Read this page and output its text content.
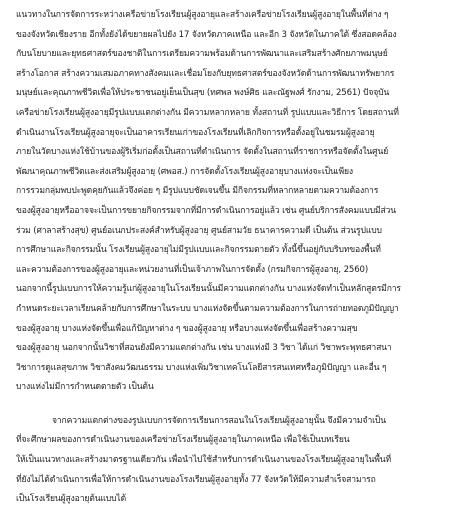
แนวทางในการจัดการระหว่างเครือข่ายโรงเรียนผู้สูงอายุและสร้างเครือข่ายโรงเรียนผู้สูงอายุในพื้นที่ต่าง ๆ
ของจังหวัดเชียงราย อีกทั้งยังได้ขยายผลไปยัง 17 จังหวัดภาคเหนือ และอีก 3 จังหวัดในภาคใต้ ซึ่งสอดคล้อง
กับนโยบายและยุทธศาสตร์ของชาติในการเตรียมความพร้อมด้านการพัฒนาและเสริมสร้างศักยภาพมนุษย์
สร้างโอกาส สร้างความเสมอภาคทางสังคมและเชื่อมโยงกับยุทธศาสตร์ของจังหวัดด้านการพัฒนาทรัพยากร
มนุษย์และคุณภาพชีวิตเพื่อให้ประชาชนอยู่เย็นเป็นสุข (ทศพล พงษ์ศิธ และณัฐพงศ์ รักงาม, 2561) ปัจจุบัน
เครือข่ายโรงเรียนผู้สูงอายุมีรูปแบบแตกต่างกัน มีความหลากหลาย ทั้งสถานที่ รูปแบบและวิธีการ โดยสถานที่
ดำเนินงานโรงเรียนผู้สูงอายุจะเป็นอาคารเรียนเก่าของโรงเรียนที่เลิกกิจการหรือตั้งอยู่ในชมรมผู้สูงอายุ
ภายในวัดบางแห่งใช้บ้านของผู้ริเริ่มก่อตั้งเป็นสถานที่ดำเนินการ จัดตั้งในสถานที่ราชการหรือจัดตั้งในศูนย์
พัฒนาคุณภาพชีวิตและส่งเสริมผู้สูงอายุ (ศพอส.) การจัดตั้งโรงเรียนผู้สูงอายุบางแห่งจะเป็นเพียง
การรวมกลุ่มพบปะพูดคุยกันแล้วจึงค่อย ๆ มีรูปแบบชัดเจนขึ้น มีกิจกรรมที่หลากหลายตามความต้องการ
ของผู้สูงอายุหรืออาจจะเป็นการขยายกิจกรรมจากที่มีการดำเนินการอยู่แล้ว เช่น ศูนย์บริการสังคมแบบมีส่วน
ร่วม (ศาลาสร้างสุข) ศูนย์อเนกประสงค์สำหรับผู้สูงอายุ ศูนย์สามวัย ธนาคารความดี เป็นต้น ส่วนรูปแบบ
การศึกษาและกิจกรรมนั้น โรงเรียนผู้สูงอายุไม่มีรูปแบบและกิจกรรมตายตัว ทั้งนี้ขึ้นอยู่กับบริบทของพื้นที่
และความต้องการของผู้สูงอายุและหน่วยงานที่เป็นเจ้าภาพในการจัดตั้ง (กรมกิจการผู้สูงอายุ, 2560)
นอกจากนี้รูปแบบการให้ความรู้แก่ผู้สูงอายุในโรงเรียนนั้นมีความแตกต่างกัน บางแห่งจัดทำเป็นหลักสูตรมีการ
กำหนดระยะเวลาเรียนคล้ายกับการศึกษาในระบบ บางแห่งจัดขึ้นตามความต้องการในการถ่ายทอดภูมิปัญญา
ของผู้สูงอายุ บางแห่งจัดขึ้นเพื่อแก้ปัญหาต่าง ๆ ของผู้สูงอายุ หรือบางแห่งจัดขึ้นเพื่อสร้างความสุข
ของผู้สูงอายุ นอกจากนั้นวิชาที่สอนยังมีความแตกต่างกัน เช่น บางแห่งมี 3 วิชา ได้แก่ วิชาพระพุทธศาสนา
วิชาการดูแลสุขภาพ วิชาสังคมวัฒนธรรม บางแห่งเพิ่มวิชาเทคโนโลยีสารสนเทศหรือภูมิปัญญา และอื่น ๆ
บางแห่งไม่มีการกำหนดตายตัว เป็นต้น
จากความแตกต่างของรูปแบบการจัดการเรียนการสอนในโรงเรียนผู้สูงอายุนั้น จึงมีความจำเป็น
ที่จะศึกษาผลของการดำเนินงานของเครือข่ายโรงเรียนผู้สูงอายุในภาคเหนือ เพื่อใช้เป็นบทเรียน
ให้เป็นแนวทางและสร้างมาตรฐานเดียวกัน เพื่อนำไปใช้สำหรับการดำเนินงานของโรงเรียนผู้สูงอายุในพื้นที่
ที่ยังไม่ได้ดำเนินการเพื่อให้การดำเนินงานของโรงเรียนผู้สูงอายุทั้ง 77 จังหวัดให้มีความสำเร็จสามารถ
เป็นโรงเรียนผู้สูงอายุต้นแบบได้
